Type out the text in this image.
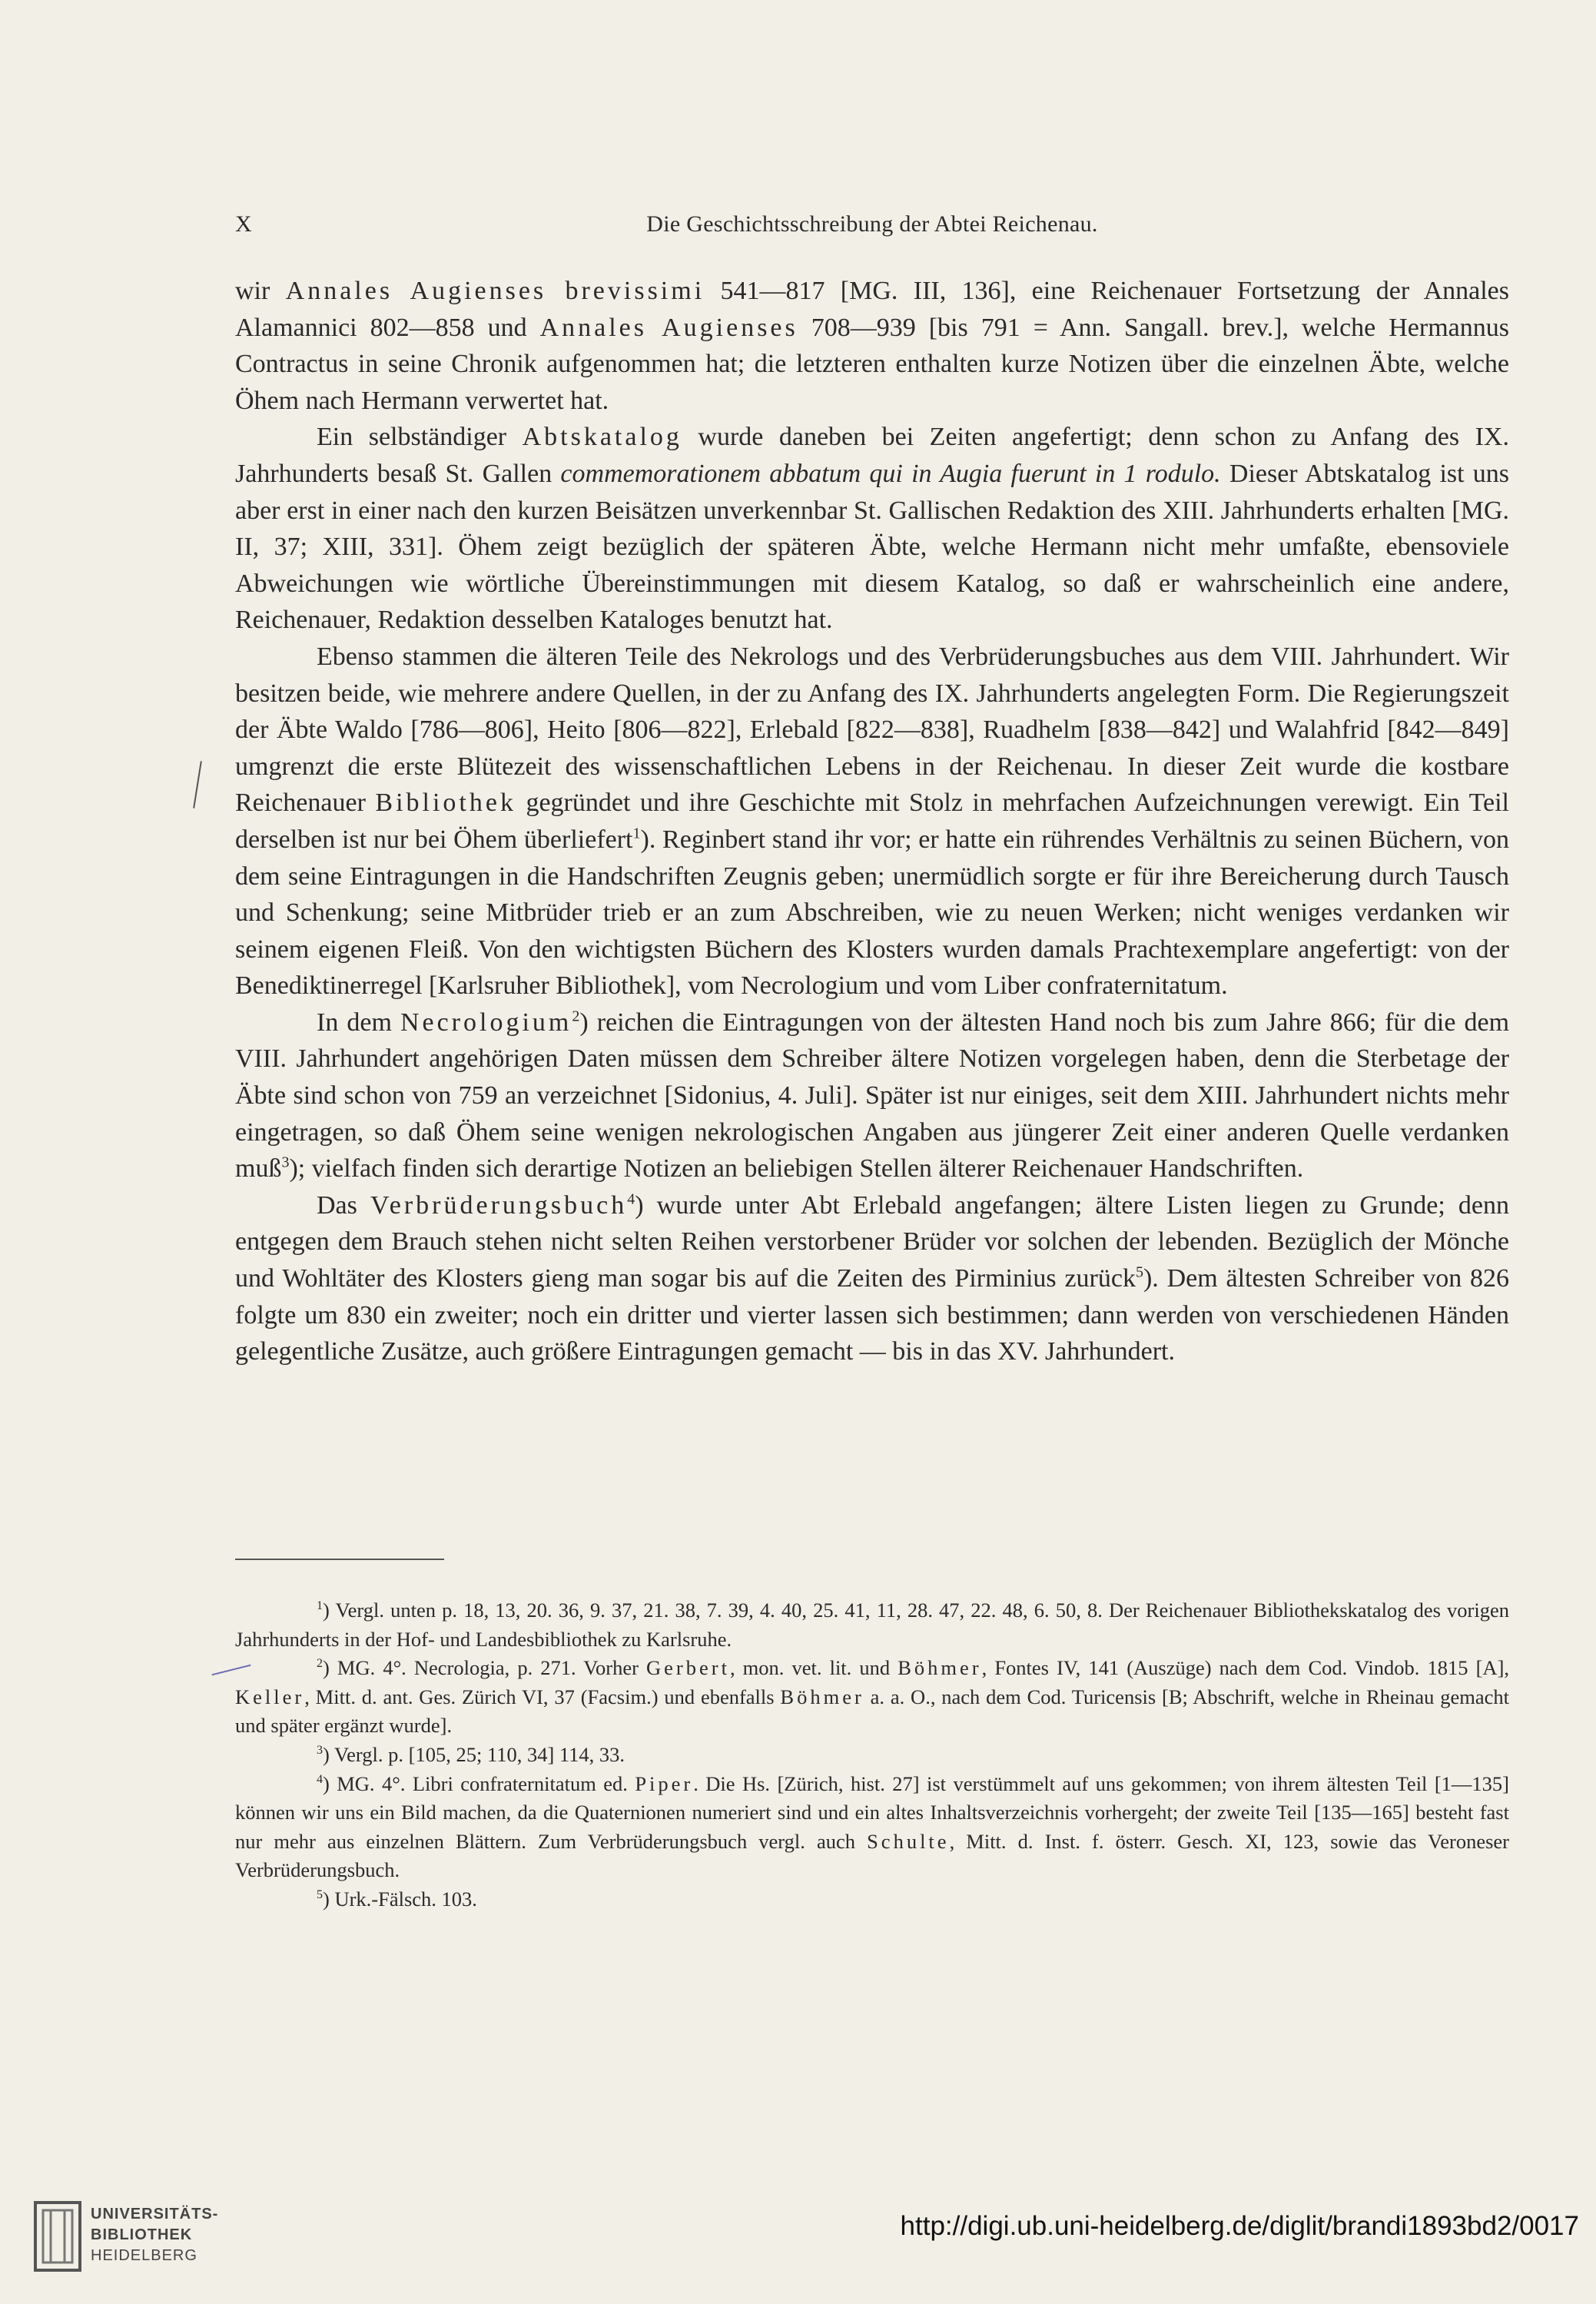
X	Die Geschichtsschreibung der Abtei Reichenau.

wir Annales Augienses brevissimi 541—817 [MG. III, 136], eine Reichenauer Fortsetzung der Annales Alamannici 802—858 und Annales Augienses 708—939 [bis 791 = Ann. Sangall. brev.], welche Hermannus Contractus in seine Chronik aufgenommen hat; die letzteren enthalten kurze Notizen über die einzelnen Äbte, welche Öhem nach Hermann verwertet hat.

Ein selbständiger Abtskatalog wurde daneben bei Zeiten angefertigt; denn schon zu Anfang des IX. Jahrhunderts besaß St. Gallen commemorationem abbatum qui in Augia fuerunt in 1 rodulo. Dieser Abtskatalog ist uns aber erst in einer nach den kurzen Beisätzen unverkennbar St. Gallischen Redaktion des XIII. Jahrhunderts erhalten [MG. II, 37; XIII, 331]. Öhem zeigt bezüglich der späteren Äbte, welche Hermann nicht mehr umfaßte, ebensoviele Abweichungen wie wörtliche Übereinstimmungen mit diesem Katalog, so daß er wahrscheinlich eine andere, Reichenauer, Redaktion desselben Kataloges benutzt hat.

Ebenso stammen die älteren Teile des Nekrologs und des Verbrüderungsbuches aus dem VIII. Jahrhundert. Wir besitzen beide, wie mehrere andere Quellen, in der zu Anfang des IX. Jahrhunderts angelegten Form. Die Regierungszeit der Äbte Waldo [786—806], Heito [806—822], Erlebald [822—838], Ruadhelm [838—842] und Walahfrid [842—849] umgrenzt die erste Blütezeit des wissenschaftlichen Lebens in der Reichenau. In dieser Zeit wurde die kostbare Reichenauer Bibliothek gegründet und ihre Geschichte mit Stolz in mehrfachen Aufzeichnungen verewigt. Ein Teil derselben ist nur bei Öhem überliefert$^1$). Reginbert stand ihr vor; er hatte ein rührendes Verhältnis zu seinen Büchern, von dem seine Eintragungen in die Handschriften Zeugnis geben; unermüdlich sorgte er für ihre Bereicherung durch Tausch und Schenkung; seine Mitbrüder trieb er an zum Abschreiben, wie zu neuen Werken; nicht weniges verdanken wir seinem eigenen Fleiß. Von den wichtigsten Büchern des Klosters wurden damals Prachtexemplare angefertigt: von der Benediktinerregel [Karlsruher Bibliothek], vom Necrologium und vom Liber confraternitatum.

In dem Necrologium$^2$) reichen die Eintragungen von der ältesten Hand noch bis zum Jahre 866; für die dem VIII. Jahrhundert angehörigen Daten müssen dem Schreiber ältere Notizen vorgelegen haben, denn die Sterbetage der Äbte sind schon von 759 an verzeichnet [Sidonius, 4. Juli]. Später ist nur einiges, seit dem XIII. Jahrhundert nichts mehr eingetragen, so daß Öhem seine wenigen nekrologischen Angaben aus jüngerer Zeit einer anderen Quelle verdanken muß$^3$); vielfach finden sich derartige Notizen an beliebigen Stellen älterer Reichenauer Handschriften.

Das Verbrüderungsbuch$^4$) wurde unter Abt Erlebald angefangen; ältere Listen liegen zu Grunde; denn entgegen dem Brauch stehen nicht selten Reihen verstorbener Brüder vor solchen der lebenden. Bezüglich der Mönche und Wohltäter des Klosters gieng man sogar bis auf die Zeiten des Pirminius zurück$^5$). Dem ältesten Schreiber von 826 folgte um 830 ein zweiter; noch ein dritter und vierter lassen sich bestimmen; dann werden von verschiedenen Händen gelegentliche Zusätze, auch größere Eintragungen gemacht — bis in das XV. Jahrhundert.

$^1$) Vergl. unten p. 18, 13, 20. 36, 9. 37, 21. 38, 7. 39, 4. 40, 25. 41, 11, 28. 47, 22. 48, 6. 50, 8. Der Reichenauer Bibliothekskatalog des vorigen Jahrhunderts in der Hof- und Landesbibliothek zu Karlsruhe.

$^2$) MG. 4°. Necrologia, p. 271. Vorher Gerbert, mon. vet. lit. und Böhmer, Fontes IV, 141 (Auszüge) nach dem Cod. Vindob. 1815 [A], Keller, Mitt. d. ant. Ges. Zürich VI, 37 (Facsim.) und ebenfalls Böhmer a. a. O., nach dem Cod. Turicensis [B; Abschrift, welche in Rheinau gemacht und später ergänzt wurde].

$^3$) Vergl. p. [105, 25; 110, 34] 114, 33.

$^4$) MG. 4°. Libri confraternitatum ed. Piper. Die Hs. [Zürich, hist. 27] ist verstümmelt auf uns gekommen; von ihrem ältesten Teil [1—135] können wir uns ein Bild machen, da die Quaternionen numeriert sind und ein altes Inhaltsverzeichnis vorhergeht; der zweite Teil [135—165] besteht fast nur mehr aus einzelnen Blättern. Zum Verbrüderungsbuch vergl. auch Schulte, Mitt. d. Inst. f. österr. Gesch. XI, 123, sowie das Veroneser Verbrüderungsbuch.

$^5$) Urk.-Fälsch. 103.

UNIVERSITÄTS-
BIBLIOTHEK
HEIDELBERG
http://digi.ub.uni-heidelberg.de/diglit/brandi1893bd2/0017
